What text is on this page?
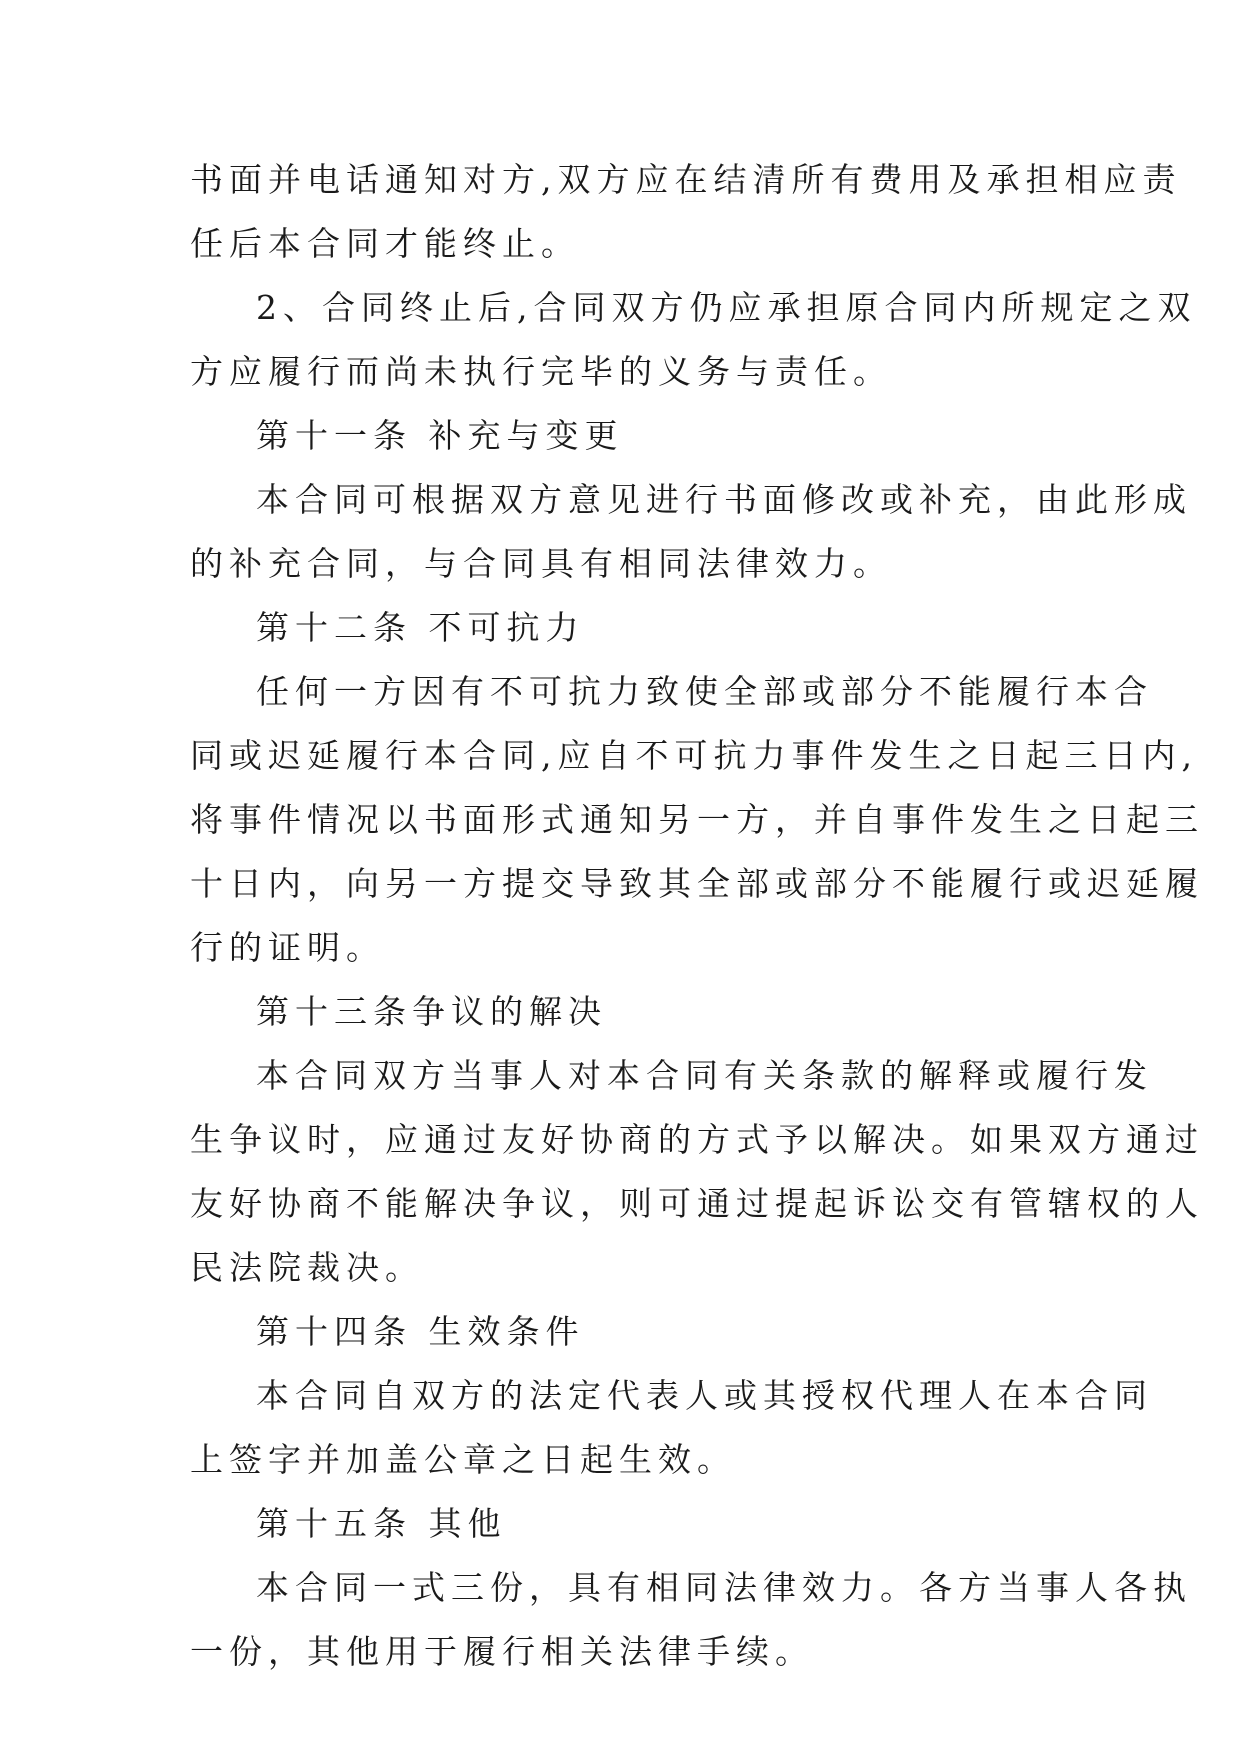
书面并电话通知对方,双方应在结清所有费用及承担相应责
任后本合同才能终止。
2、合同终止后,合同双方仍应承担原合同内所规定之双
方应履行而尚未执行完毕的义务与责任。
第十一条 补充与变更
本合同可根据双方意见进行书面修改或补充，由此形成
的补充合同，与合同具有相同法律效力。
第十二条 不可抗力
任何一方因有不可抗力致使全部或部分不能履行本合
同或迟延履行本合同,应自不可抗力事件发生之日起三日内,
将事件情况以书面形式通知另一方，并自事件发生之日起三
十日内，向另一方提交导致其全部或部分不能履行或迟延履
行的证明。
第十三条争议的解决
本合同双方当事人对本合同有关条款的解释或履行发
生争议时，应通过友好协商的方式予以解决。如果双方通过
友好协商不能解决争议，则可通过提起诉讼交有管辖权的人
民法院裁决。
第十四条 生效条件
本合同自双方的法定代表人或其授权代理人在本合同
上签字并加盖公章之日起生效。
第十五条 其他
本合同一式三份，具有相同法律效力。各方当事人各执
一份，其他用于履行相关法律手续。
